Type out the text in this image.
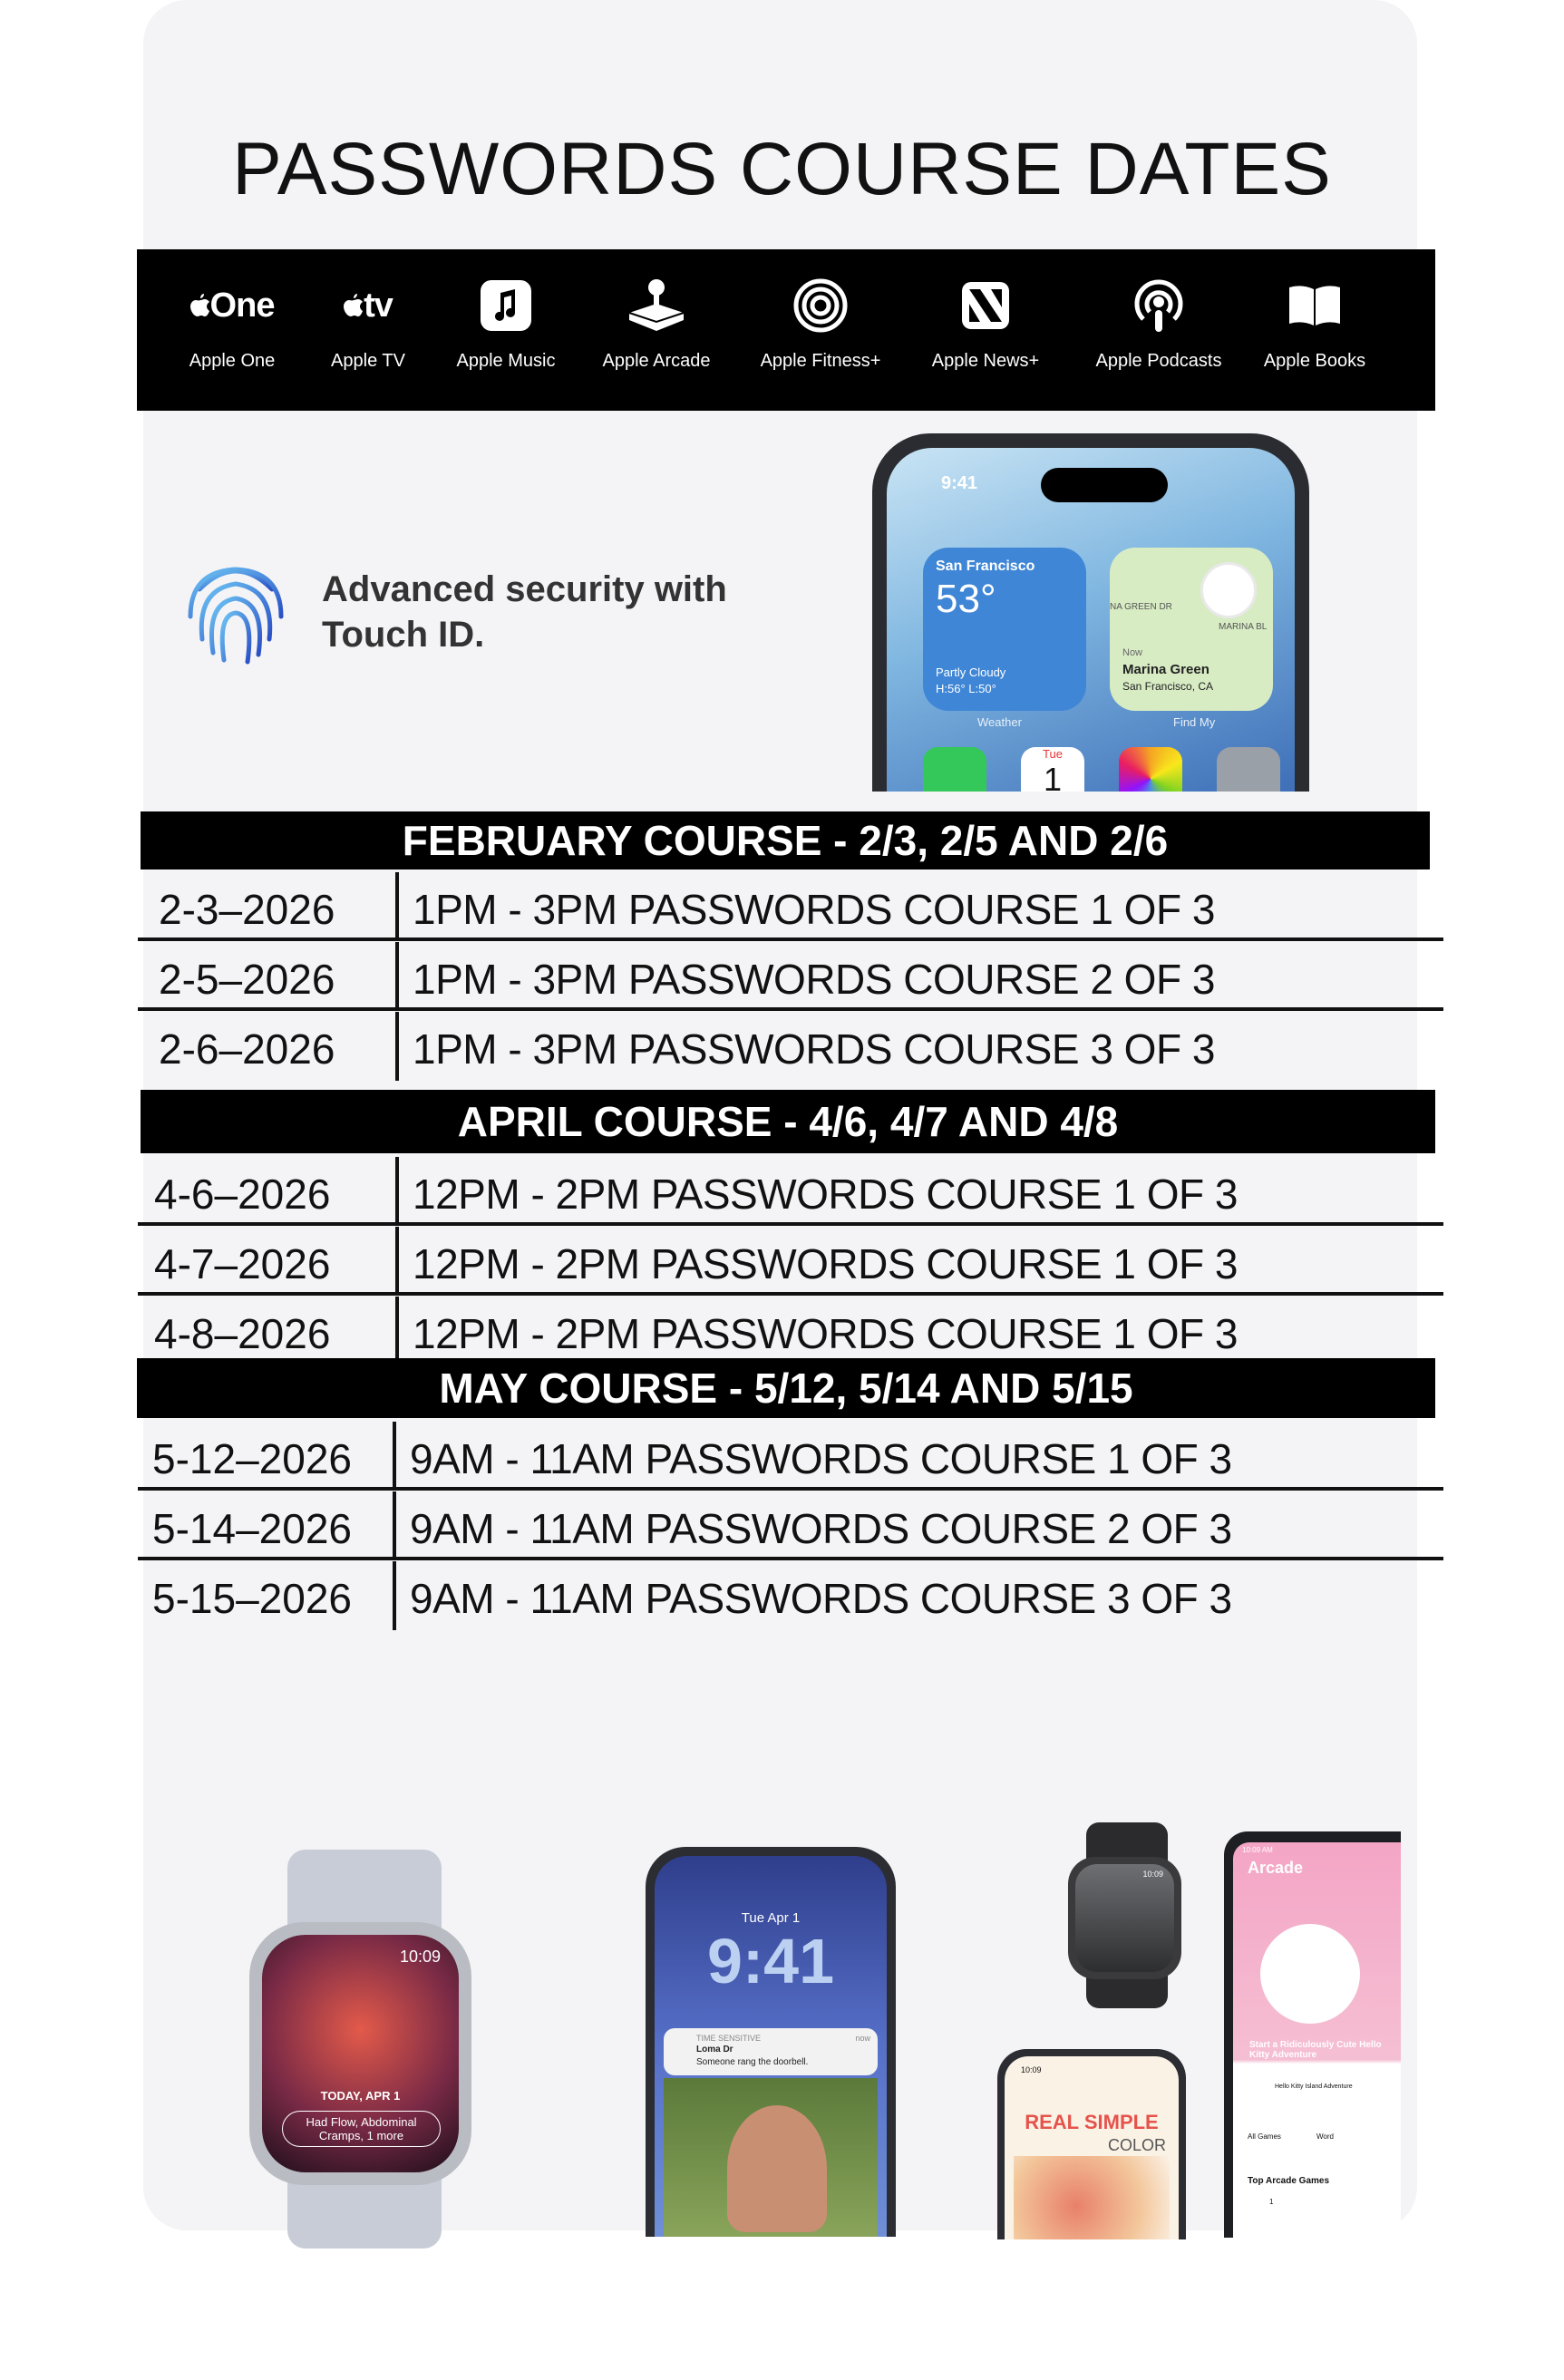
PASSWORDS COURSE DATES
One
Apple One
tv
Apple TV	Apple Music	Apple Arcade	Apple Fitness+	Apple News+	Apple Podcasts	Apple Books
Advanced security with
Touch ID.
9:41
San Francisco
53°
Partly Cloudy
H:56° L:50°
Weather
NA GREEN DR
MARINA BL
Now
Marina Green
San Francisco, CA
Find My
Tue
1
FEBRUARY COURSE - 2/3, 2/5 AND 2/6
2-3–2026 1PM - 3PM PASSWORDS COURSE 1 OF 3
2-5–2026 1PM - 3PM PASSWORDS COURSE 2 OF 3
2-6–2026 1PM - 3PM PASSWORDS COURSE 3 OF 3
APRIL COURSE - 4/6, 4/7 AND 4/8
4-6–2026 12PM - 2PM PASSWORDS COURSE 1 OF 3
4-7–2026 12PM - 2PM PASSWORDS COURSE 1 OF 3
4-8–2026 12PM - 2PM PASSWORDS COURSE 1 OF 3
MAY COURSE - 5/12, 5/14 AND 5/15
5-12–2026 9AM - 11AM PASSWORDS COURSE 1 OF 3
5-14–2026 9AM - 11AM PASSWORDS COURSE 2 OF 3
5-15–2026 9AM - 11AM PASSWORDS COURSE 3 OF 3
10:09
TODAY, APR 1
Had Flow, Abdominal Cramps, 1 more
Tue Apr 1
9:41
TIME SENSITIVE
Loma Dr
Someone rang the doorbell.
now
10:09
10:09
REAL SIMPLE
COLOR
10:09 AM
Arcade
Start a Ridiculously Cute Hello Kitty Adventure
Hello Kitty Island Adventure
All Games	Word
Top Arcade Games
1
